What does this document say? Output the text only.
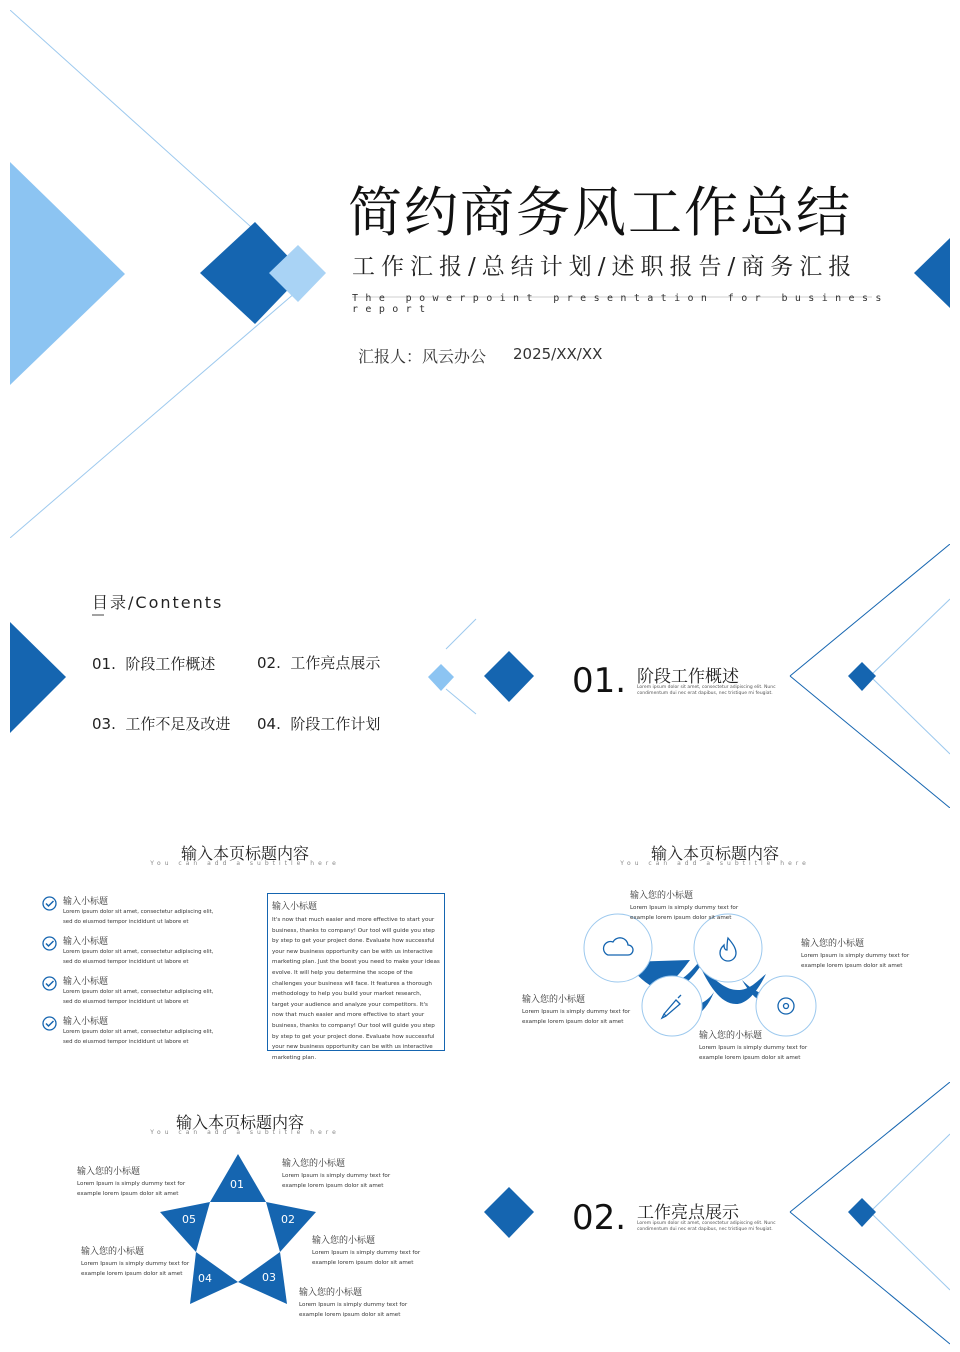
简约商务风工作总结
工作汇报/总结计划/述职报告/商务汇报
The powerpoint presentation for business report
汇报人：风云办公 2025/XX/XX
目录/Contents
01.  阶段工作概述	02.  工作亮点展示
03.  工作不足及改进 04.  阶段工作计划
01. 阶段工作概述
Lorem ipsum dolor sit amet, consectetur adipiscing elit. Nunc condimentum dui nec erat dapibus, nec tristique mi feugiat.
输入本页标题内容
You can add a subtitle here
输入小标题
Lorem ipsum dolor sit amet, consectetur adipiscing elit, sed do eiusmod tempor incididunt ut labore et
输入小标题
Lorem ipsum dolor sit amet, consectetur adipiscing elit, sed do eiusmod tempor incididunt ut labore et
输入小标题
Lorem ipsum dolor sit amet, consectetur adipiscing elit, sed do eiusmod tempor incididunt ut labore et
输入小标题
Lorem ipsum dolor sit amet, consectetur adipiscing elit, sed do eiusmod tempor incididunt ut labore et
输入小标题
It's now that much easier and more effective to start your business, thanks to company! Our tool will guide you step by step to get your project done. Evaluate how successful your new business opportunity can be with us interactive marketing plan. Just the boost you need to make your ideas evolve. It will help you determine the scope of the challenges your business will face. It features a thorough methodology to help you build your market research, target your audience and analyze your competitors. It's now that much easier and more effective to start your business, thanks to company! Our tool will guide you step by step to get your project done. Evaluate how successful your new business opportunity can be with us interactive marketing plan.
输入本页标题内容
You can add a subtitle here
输入您的小标题
Lorem Ipsum is simply dummy text for example lorem ipsum dolor sit amet
输入您的小标题
Lorem Ipsum is simply dummy text for example lorem ipsum dolor sit amet
输入您的小标题
Lorem Ipsum is simply dummy text for example lorem ipsum dolor sit amet
输入您的小标题
Lorem Ipsum is simply dummy text for example lorem ipsum dolor sit amet
输入本页标题内容
You can add a subtitle here
01
02
03
04
05
输入您的小标题
Lorem Ipsum is simply dummy text for example lorem ipsum dolor sit amet
输入您的小标题
Lorem Ipsum is simply dummy text for example lorem ipsum dolor sit amet
输入您的小标题
Lorem Ipsum is simply dummy text for example lorem ipsum dolor sit amet
输入您的小标题
Lorem Ipsum is simply dummy text for example lorem ipsum dolor sit amet
输入您的小标题
Lorem Ipsum is simply dummy text for example lorem ipsum dolor sit amet
02. 工作亮点展示
Lorem ipsum dolor sit amet, consectetur adipiscing elit. Nunc condimentum dui nec erat dapibus, nec tristique mi feugiat.
